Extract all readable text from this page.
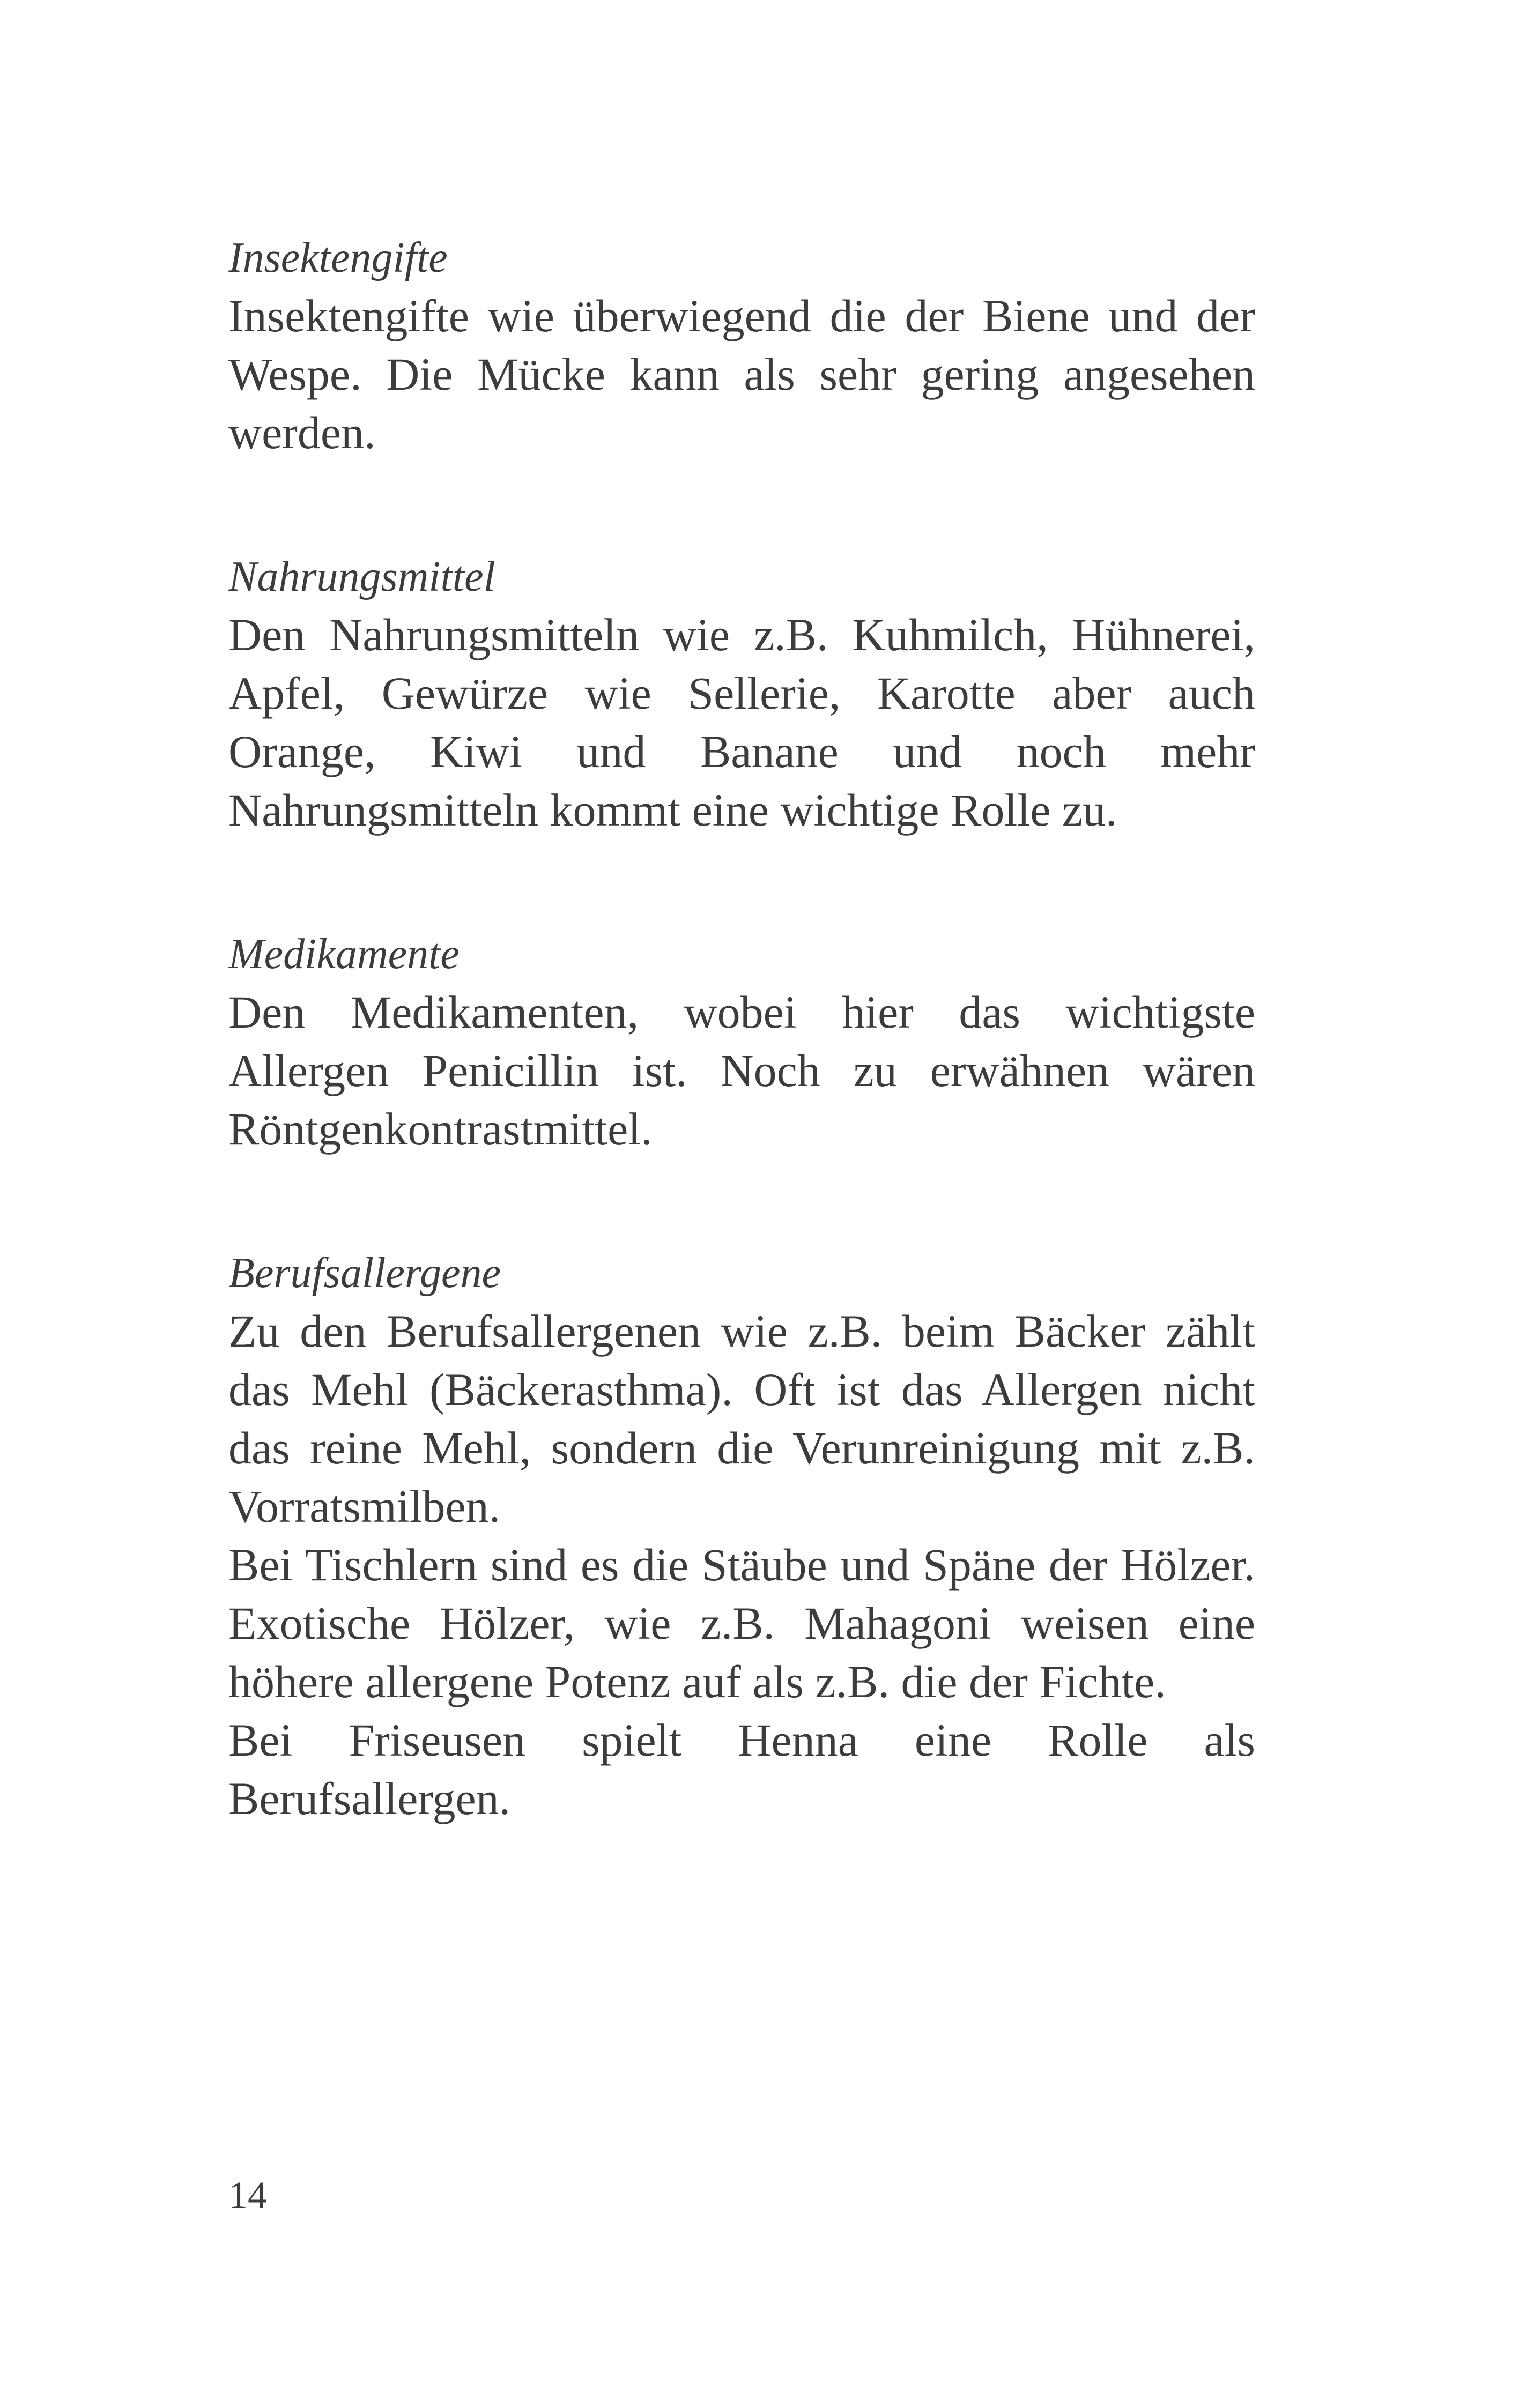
Insektengifte

Insektengifte wie überwiegend die der Biene und der Wespe. Die Mücke kann als sehr gering angesehen werden.

Nahrungsmittel

Den Nahrungsmitteln wie z.B. Kuhmilch, Hühnerei, Apfel, Gewürze wie Sellerie, Karotte aber auch Orange, Kiwi und Banane und noch mehr Nahrungsmitteln kommt eine wichtige Rolle zu.

Medikamente

Den Medikamenten, wobei hier das wichtigste Allergen Penicillin ist. Noch zu erwähnen wären Röntgenkontrastmittel.

Berufsallergene

Zu den Berufsallergenen wie z.B. beim Bäcker zählt das Mehl (Bäckerasthma). Oft ist das Allergen nicht das reine Mehl, sondern die Verunreinigung mit z.B. Vorratsmilben.

Bei Tischlern sind es die Stäube und Späne der Hölzer. Exotische Hölzer, wie z.B. Mahagoni weisen eine höhere allergene Potenz auf als z.B. die der Fichte.

Bei Friseusen spielt Henna eine Rolle als Berufsallergen.

14
